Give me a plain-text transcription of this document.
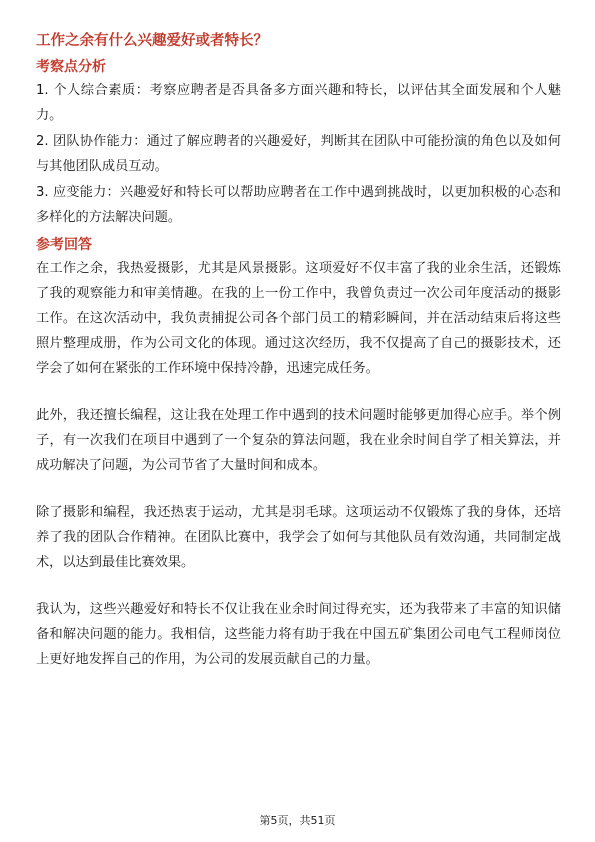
工作之余有什么兴趣爱好或者特长？
考察点分析

1. 个人综合素质：考察应聘者是否具备多方面兴趣和特长，以评估其全面发展和个人魅力。

2. 团队协作能力：通过了解应聘者的兴趣爱好，判断其在团队中可能扮演的角色以及如何与其他团队成员互动。

3. 应变能力：兴趣爱好和特长可以帮助应聘者在工作中遇到挑战时，以更加积极的心态和多样化的方法解决问题。

参考回答

在工作之余，我热爱摄影，尤其是风景摄影。这项爱好不仅丰富了我的业余生活，还锻炼了我的观察能力和审美情趣。在我的上一份工作中，我曾负责过一次公司年度活动的摄影工作。在这次活动中，我负责捕捉公司各个部门员工的精彩瞬间，并在活动结束后将这些照片整理成册，作为公司文化的体现。通过这次经历，我不仅提高了自己的摄影技术，还学会了如何在紧张的工作环境中保持冷静，迅速完成任务。

此外，我还擅长编程，这让我在处理工作中遇到的技术问题时能够更加得心应手。举个例子，有一次我们在项目中遇到了一个复杂的算法问题，我在业余时间自学了相关算法，并成功解决了问题，为公司节省了大量时间和成本。

除了摄影和编程，我还热衷于运动，尤其是羽毛球。这项运动不仅锻炼了我的身体，还培养了我的团队合作精神。在团队比赛中，我学会了如何与其他队员有效沟通，共同制定战术，以达到最佳比赛效果。

我认为，这些兴趣爱好和特长不仅让我在业余时间过得充实，还为我带来了丰富的知识储备和解决问题的能力。我相信，这些能力将有助于我在中国五矿集团公司电气工程师岗位上更好地发挥自己的作用，为公司的发展贡献自己的力量。

第5页，共51页
